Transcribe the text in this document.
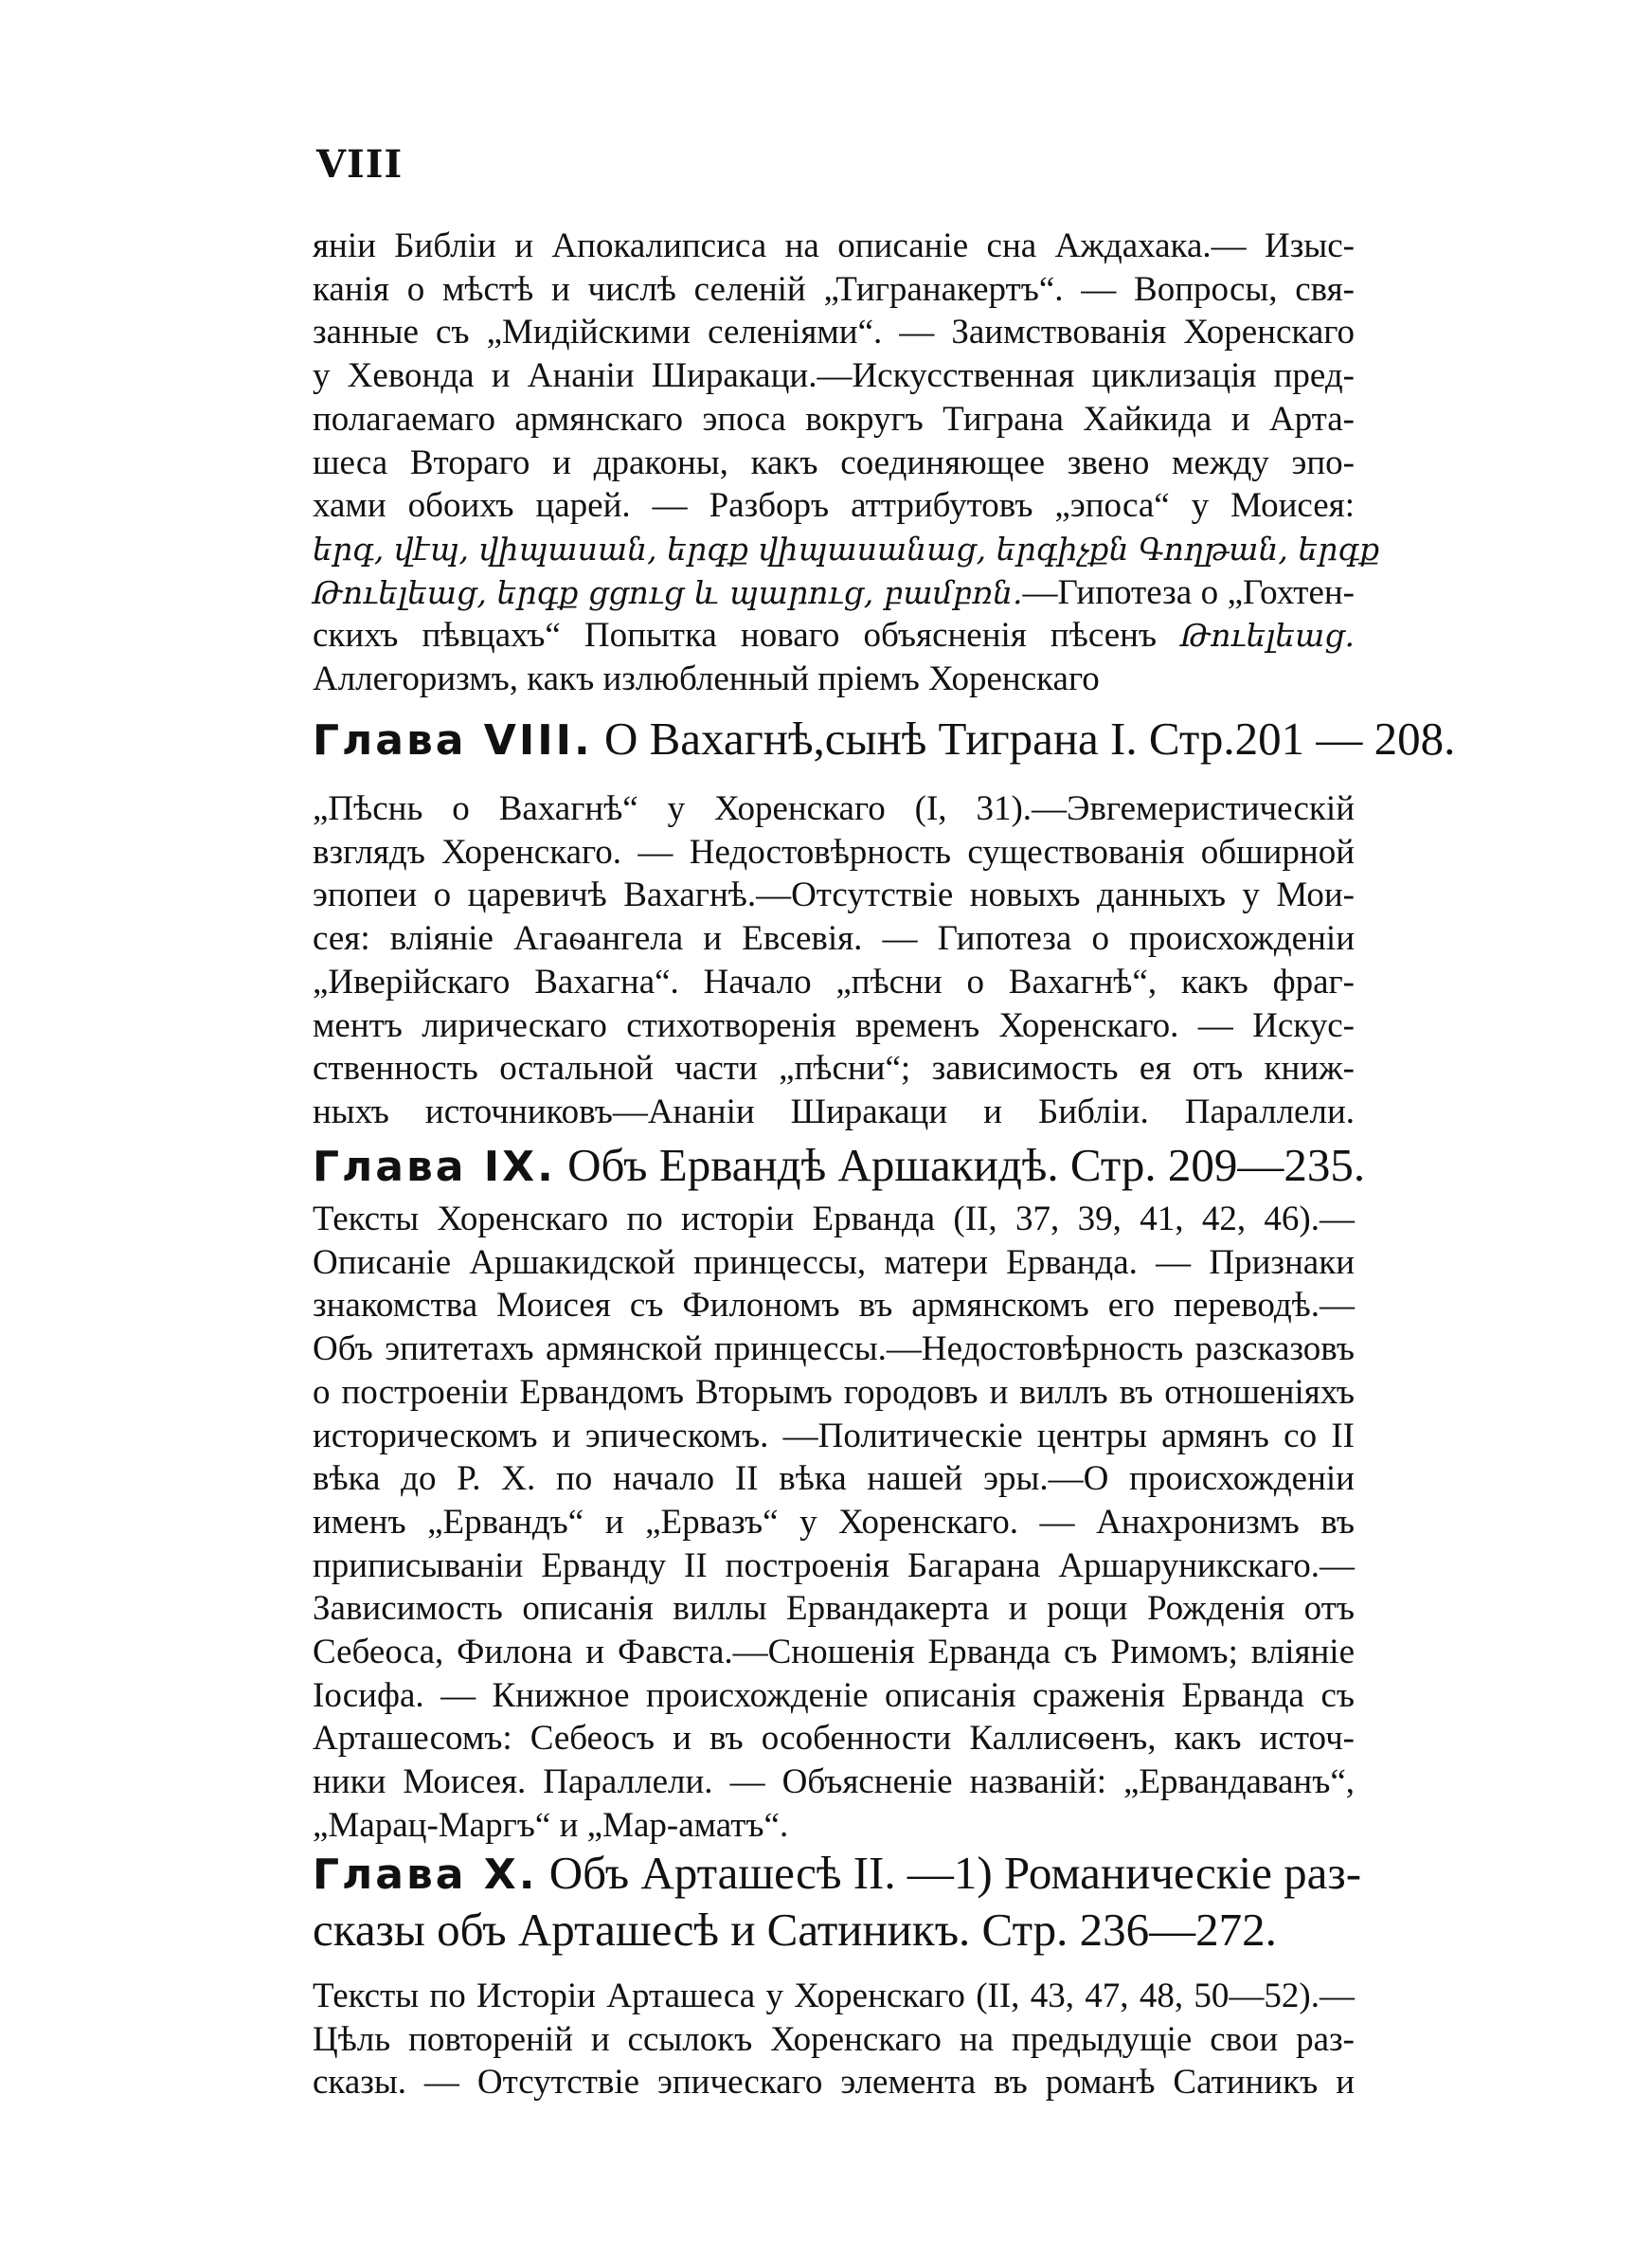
VIII
янiи Библiи и Апокалипсиса на описанiе сна Аждахака.— Изыс-
канiя о мѣстѣ и числѣ селенiй „Тигранакертъ“. — Вопросы, свя-
занные съ „Мидiйскими селенiями“. — Заимствованiя Хоренскаго
у Хевонда и Ананiи Ширакаци.—Искусственная циклизацiя пред-
полагаемаго армянскаго эпоса вокругъ Тиграна Хайкида и Арта-
шеса Втораго и драконы, какъ соединяющее звено между эпо-
хами обоихъ царей. — Разборъ аттрибутовъ „эпоса“ у Моисея:
երգ, վէպ, վիպասան, երգք վիպասանաց, երգիչքն Գողթան, երգք
Թուելեաց, երգք ցցուց և պարուց, բամբռն.—Гипотеза о „Гохтен-
скихъ пѣвцахъ“ Попытка новаго объясненiя пѣсенъ Թուելեաց.
Аллегоризмъ, какъ излюбленный прiемъ Хоренскаго
Глава VIII. О Вахагнѣ,сынѣ Тиграна I. Стр.201 — 208.
„Пѣснь о Вахагнѣ“ у Хоренскаго (I, 31).—Эвгемеристическiй
взглядъ Хоренскаго. — Недостовѣрность существованiя обширной
эпопеи о царевичѣ Вахагнѣ.—Отсутствiе новыхъ данныхъ у Мои-
сея: влiянiе Агаѳангела и Евсевiя. — Гипотеза о происхожденiи
„Иверiйскаго Вахагна“. Начало „пѣсни о Вахагнѣ“, какъ фраг-
ментъ лирическаго стихотворенiя временъ Хоренскаго. — Искус-
ственность остальной части „пѣсни“; зависимость ея отъ книж-
ныхъ источниковъ—Ананiи Ширакаци и Библiи. Параллели.
Глава IX. Объ Ервандѣ Аршакидѣ. Стр. 209—235.
Тексты Хоренскаго по исторiи Ерванда (II, 37, 39, 41, 42, 46).—
Описанiе Аршакидской принцессы, матери Ерванда. — Признаки
знакомства Моисея съ Филономъ въ армянскомъ его переводѣ.—
Объ эпитетахъ армянской принцессы.—Недостовѣрность разсказовъ
о построенiи Ервандомъ Вторымъ городовъ и виллъ въ отношенiяхъ
историческомъ и эпическомъ. —Политическiе центры армянъ со II
вѣка до Р. Х. по начало II вѣка нашей эры.—О происхожденiи
именъ „Ервандъ“ и „Ервазъ“ у Хоренскаго. — Анахронизмъ въ
приписыванiи Ерванду II построенiя Багарана Аршаруникскаго.—
Зависимость описанiя виллы Ервандакерта и рощи Рожденiя отъ
Себеоса, Филона и Фавста.—Сношенiя Ерванда съ Римомъ; влiянiе
Iосифа. — Книжное происхожденiе описанiя сраженiя Ерванда съ
Арташесомъ: Себеосъ и въ особенности Каллисѳенъ, какъ источ-
ники Моисея. Параллели. — Объясненiе названiй: „Ервандаванъ“,
„Марац-Маргъ“ и „Мар-аматъ“.
Глава X. Объ Арташесѣ II. —1) Романическiе раз-
сказы объ Арташесѣ и Сатиникъ. Стр. 236—272.
Тексты по Исторiи Арташеса у Хоренскаго (II, 43, 47, 48, 50—52).—
Цѣль повторенiй и ссылокъ Хоренскаго на предыдущiе свои раз-
сказы. — Отсутствiе эпическаго элемента въ романѣ Сатиникъ и
